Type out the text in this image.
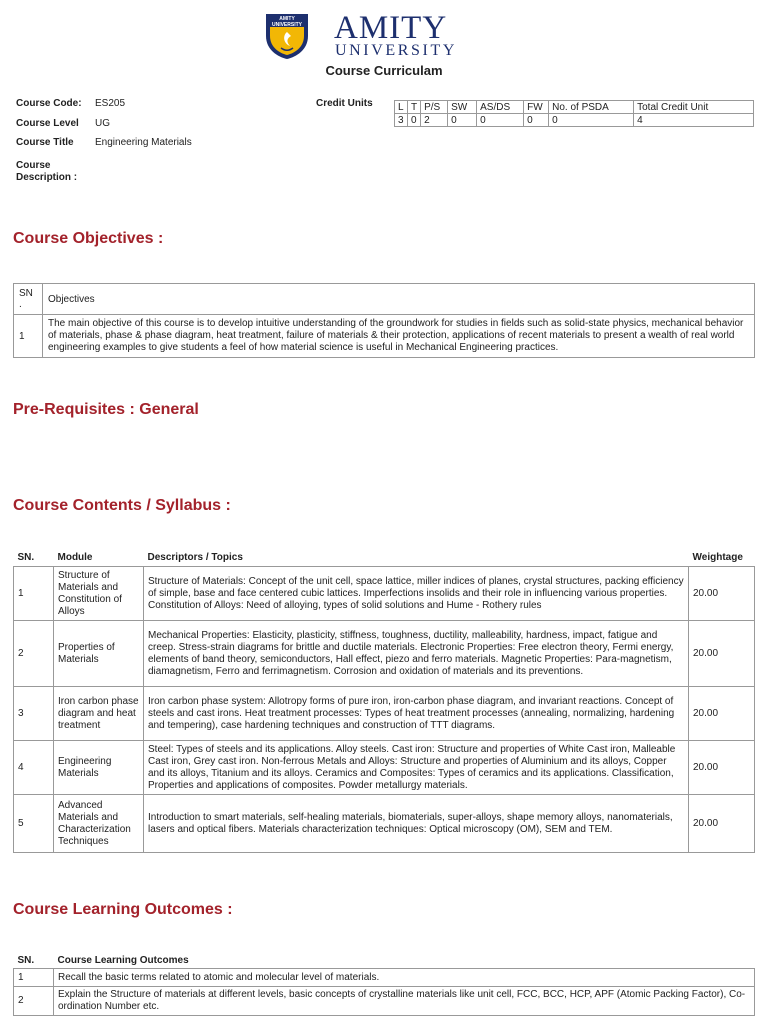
AMITY UNIVERSITY AMITY
UNIVERSITY
Course Curriculam
Course Code: ES205
Course Level UG
Course Title Engineering Materials
Course
Description :
Credit Units	L	T	P/S	SW	AS/DS	FW	No. of PSDA	Total Credit Unit
3	0	2	0	0	0	0	4
Course Objectives :
SN
.	Objectives
1	The main objective of this course is to develop intuitive understanding of the groundwork for studies in fields such as solid-state physics, mechanical behavior of materials, phase & phase diagram, heat treatment, failure of materials & their protection, applications of recent materials to present a wealth of real world engineering examples to give students a feel of how material science is useful in Mechanical Engineering practices.
Pre-Requisites : General
Course Contents / Syllabus :
SN.	Module	Descriptors / Topics	Weightage
1	Structure of Materials and Constitution of Alloys	Structure of Materials: Concept of the unit cell, space lattice, miller indices of planes, crystal structures, packing efficiency of simple, base and face centered cubic lattices. Imperfections insolids and their role in influencing various properties. Constitution of Alloys: Need of alloying, types of solid solutions and Hume - Rothery rules	20.00
2	Properties of Materials	Mechanical Properties: Elasticity, plasticity, stiffness, toughness, ductility, malleability, hardness, impact, fatigue and creep. Stress-strain diagrams for brittle and ductile materials. Electronic Properties: Free electron theory, Fermi energy, elements of band theory, semiconductors, Hall effect, piezo and ferro materials. Magnetic Properties: Para-magnetism, diamagnetism, Ferro and ferrimagnetism. Corrosion and oxidation of materials and its preventions.	20.00
3	Iron carbon phase diagram and heat treatment	Iron carbon phase system: Allotropy forms of pure iron, iron-carbon phase diagram, and invariant reactions. Concept of steels and cast irons. Heat treatment processes: Types of heat treatment processes (annealing, normalizing, hardening and tempering), case hardening techniques and construction of TTT diagrams.	20.00
4	Engineering Materials	Steel: Types of steels and its applications. Alloy steels. Cast iron: Structure and properties of White Cast iron, Malleable Cast iron, Grey cast iron. Non-ferrous Metals and Alloys: Structure and properties of Aluminium and its alloys, Copper and its alloys, Titanium and its alloys. Ceramics and Composites: Types of ceramics and its applications. Classification, Properties and applications of composites. Powder metallurgy materials.	20.00
5	Advanced Materials and Characterization Techniques	Introduction to smart materials, self-healing materials, biomaterials, super-alloys, shape memory alloys, nanomaterials, lasers and optical fibers. Materials characterization techniques: Optical microscopy (OM), SEM and TEM.	20.00
Course Learning Outcomes :
SN.	Course Learning Outcomes
1	Recall the basic terms related to atomic and molecular level of materials.
2	Explain the Structure of materials at different levels, basic concepts of crystalline materials like unit cell, FCC, BCC, HCP, APF (Atomic Packing Factor), Co-ordination Number etc.
